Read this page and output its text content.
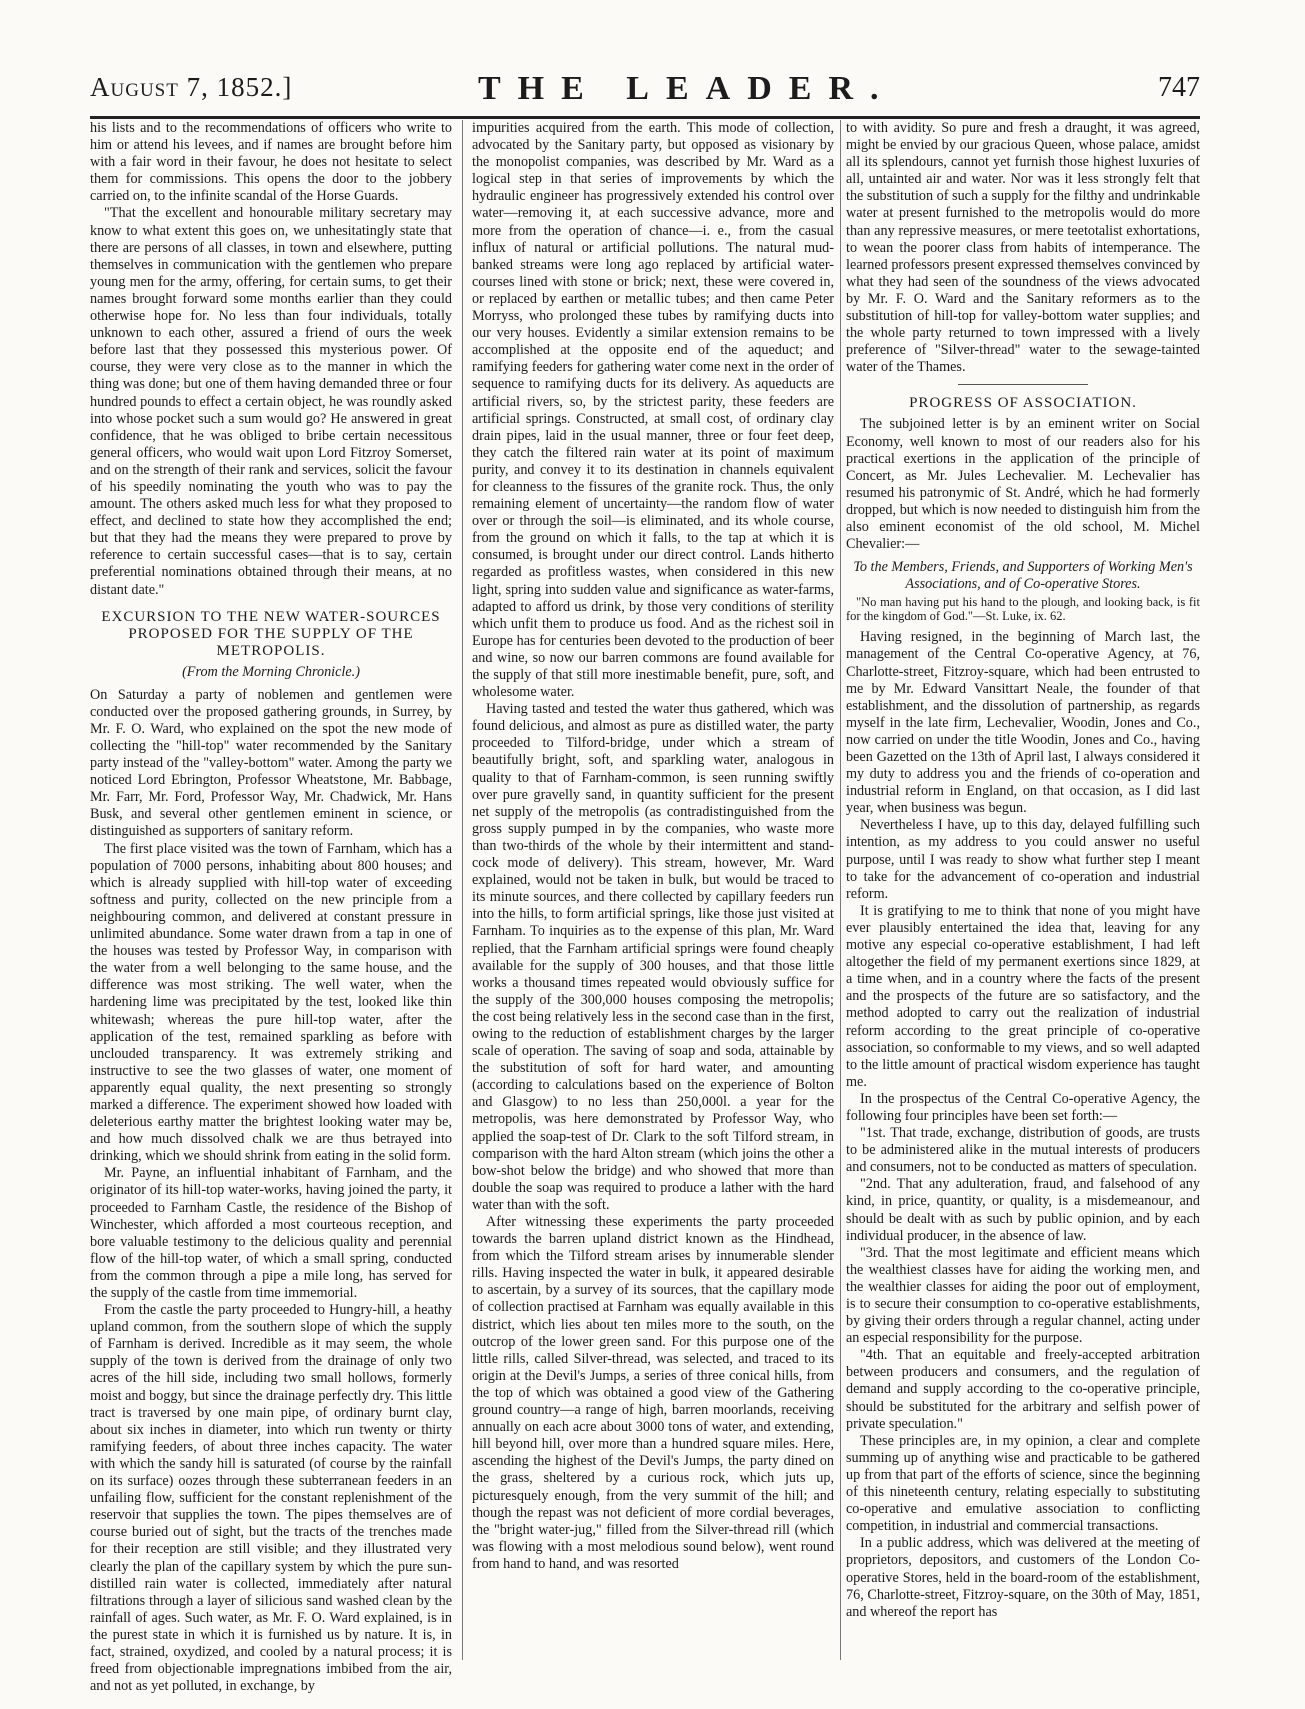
August 7, 1852.]	THE LEADER.	747

his lists and to the recommendations of officers who write to him or attend his levees, and if names are brought before him with a fair word in their favour, he does not hesitate to select them for commissions. This opens the door to the jobbery carried on, to the infinite scandal of the Horse Guards.

"That the excellent and honourable military secretary may know to what extent this goes on, we unhesitatingly state that there are persons of all classes, in town and elsewhere, putting themselves in communication with the gentlemen who prepare young men for the army, offering, for certain sums, to get their names brought forward some months earlier than they could otherwise hope for. No less than four individuals, totally unknown to each other, assured a friend of ours the week before last that they possessed this mysterious power. Of course, they were very close as to the manner in which the thing was done; but one of them having demanded three or four hundred pounds to effect a certain object, he was roundly asked into whose pocket such a sum would go? He answered in great confidence, that he was obliged to bribe certain necessitous general officers, who would wait upon Lord Fitzroy Somerset, and on the strength of their rank and services, solicit the favour of his speedily nominating the youth who was to pay the amount. The others asked much less for what they proposed to effect, and declined to state how they accomplished the end; but that they had the means they were prepared to prove by reference to certain successful cases—that is to say, certain preferential nominations obtained through their means, at no distant date."

EXCURSION TO THE NEW WATER-SOURCES PROPOSED FOR THE SUPPLY OF THE METROPOLIS.
(From the Morning Chronicle.)

On Saturday a party of noblemen and gentlemen were conducted over the proposed gathering grounds, in Surrey, by Mr. F. O. Ward, who explained on the spot the new mode of collecting the "hill-top" water recommended by the Sanitary party instead of the "valley-bottom" water. Among the party we noticed Lord Ebrington, Professor Wheatstone, Mr. Babbage, Mr. Farr, Mr. Ford, Professor Way, Mr. Chadwick, Mr. Hans Busk, and several other gentlemen eminent in science, or distinguished as supporters of sanitary reform.

The first place visited was the town of Farnham, which has a population of 7000 persons, inhabiting about 800 houses; and which is already supplied with hill-top water of exceeding softness and purity, collected on the new principle from a neighbouring common, and delivered at constant pressure in unlimited abundance. Some water drawn from a tap in one of the houses was tested by Professor Way, in comparison with the water from a well belonging to the same house, and the difference was most striking. The well water, when the hardening lime was precipitated by the test, looked like thin whitewash; whereas the pure hill-top water, after the application of the test, remained sparkling as before with unclouded transparency. It was extremely striking and instructive to see the two glasses of water, one moment of apparently equal quality, the next presenting so strongly marked a difference. The experiment showed how loaded with deleterious earthy matter the brightest looking water may be, and how much dissolved chalk we are thus betrayed into drinking, which we should shrink from eating in the solid form.

Mr. Payne, an influential inhabitant of Farnham, and the originator of its hill-top water-works, having joined the party, it proceeded to Farnham Castle, the residence of the Bishop of Winchester, which afforded a most courteous reception, and bore valuable testimony to the delicious quality and perennial flow of the hill-top water, of which a small spring, conducted from the common through a pipe a mile long, has served for the supply of the castle from time immemorial.

From the castle the party proceeded to Hungry-hill, a heathy upland common, from the southern slope of which the supply of Farnham is derived. Incredible as it may seem, the whole supply of the town is derived from the drainage of only two acres of the hill side, including two small hollows, formerly moist and boggy, but since the drainage perfectly dry. This little tract is traversed by one main pipe, of ordinary burnt clay, about six inches in diameter, into which run twenty or thirty ramifying feeders, of about three inches capacity. The water with which the sandy hill is saturated (of course by the rainfall on its surface) oozes through these subterranean feeders in an unfailing flow, sufficient for the constant replenishment of the reservoir that supplies the town. The pipes themselves are of course buried out of sight, but the tracts of the trenches made for their reception are still visible; and they illustrated very clearly the plan of the capillary system by which the pure sun-distilled rain water is collected, immediately after natural filtrations through a layer of silicious sand washed clean by the rainfall of ages. Such water, as Mr. F. O. Ward explained, is in the purest state in which it is furnished us by nature. It is, in fact, strained, oxydized, and cooled by a natural process; it is freed from objectionable impregnations imbibed from the air, and not as yet polluted, in exchange, by

impurities acquired from the earth. This mode of collection, advocated by the Sanitary party, but opposed as visionary by the monopolist companies, was described by Mr. Ward as a logical step in that series of improvements by which the hydraulic engineer has progressively extended his control over water—removing it, at each successive advance, more and more from the operation of chance—i. e., from the casual influx of natural or artificial pollutions. The natural mud-banked streams were long ago replaced by artificial water-courses lined with stone or brick; next, these were covered in, or replaced by earthen or metallic tubes; and then came Peter Morryss, who prolonged these tubes by ramifying ducts into our very houses. Evidently a similar extension remains to be accomplished at the opposite end of the aqueduct; and ramifying feeders for gathering water come next in the order of sequence to ramifying ducts for its delivery. As aqueducts are artificial rivers, so, by the strictest parity, these feeders are artificial springs. Constructed, at small cost, of ordinary clay drain pipes, laid in the usual manner, three or four feet deep, they catch the filtered rain water at its point of maximum purity, and convey it to its destination in channels equivalent for cleanness to the fissures of the granite rock. Thus, the only remaining element of uncertainty—the random flow of water over or through the soil—is eliminated, and its whole course, from the ground on which it falls, to the tap at which it is consumed, is brought under our direct control. Lands hitherto regarded as profitless wastes, when considered in this new light, spring into sudden value and significance as water-farms, adapted to afford us drink, by those very conditions of sterility which unfit them to produce us food. And as the richest soil in Europe has for centuries been devoted to the production of beer and wine, so now our barren commons are found available for the supply of that still more inestimable benefit, pure, soft, and wholesome water.

Having tasted and tested the water thus gathered, which was found delicious, and almost as pure as distilled water, the party proceeded to Tilford-bridge, under which a stream of beautifully bright, soft, and sparkling water, analogous in quality to that of Farnham-common, is seen running swiftly over pure gravelly sand, in quantity sufficient for the present net supply of the metropolis (as contradistinguished from the gross supply pumped in by the companies, who waste more than two-thirds of the whole by their intermittent and stand-cock mode of delivery). This stream, however, Mr. Ward explained, would not be taken in bulk, but would be traced to its minute sources, and there collected by capillary feeders run into the hills, to form artificial springs, like those just visited at Farnham. To inquiries as to the expense of this plan, Mr. Ward replied, that the Farnham artificial springs were found cheaply available for the supply of 300 houses, and that those little works a thousand times repeated would obviously suffice for the supply of the 300,000 houses composing the metropolis; the cost being relatively less in the second case than in the first, owing to the reduction of establishment charges by the larger scale of operation. The saving of soap and soda, attainable by the substitution of soft for hard water, and amounting (according to calculations based on the experience of Bolton and Glasgow) to no less than 250,000l. a year for the metropolis, was here demonstrated by Professor Way, who applied the soap-test of Dr. Clark to the soft Tilford stream, in comparison with the hard Alton stream (which joins the other a bow-shot below the bridge) and who showed that more than double the soap was required to produce a lather with the hard water than with the soft.

After witnessing these experiments the party proceeded towards the barren upland district known as the Hindhead, from which the Tilford stream arises by innumerable slender rills. Having inspected the water in bulk, it appeared desirable to ascertain, by a survey of its sources, that the capillary mode of collection practised at Farnham was equally available in this district, which lies about ten miles more to the south, on the outcrop of the lower green sand. For this purpose one of the little rills, called Silver-thread, was selected, and traced to its origin at the Devil's Jumps, a series of three conical hills, from the top of which was obtained a good view of the Gathering ground country—a range of high, barren moorlands, receiving annually on each acre about 3000 tons of water, and extending, hill beyond hill, over more than a hundred square miles. Here, ascending the highest of the Devil's Jumps, the party dined on the grass, sheltered by a curious rock, which juts up, picturesquely enough, from the very summit of the hill; and though the repast was not deficient of more cordial beverages, the "bright water-jug," filled from the Silver-thread rill (which was flowing with a most melodious sound below), went round from hand to hand, and was resorted

to with avidity. So pure and fresh a draught, it was agreed, might be envied by our gracious Queen, whose palace, amidst all its splendours, cannot yet furnish those highest luxuries of all, untainted air and water. Nor was it less strongly felt that the substitution of such a supply for the filthy and undrinkable water at present furnished to the metropolis would do more than any repressive measures, or mere teetotalist exhortations, to wean the poorer class from habits of intemperance. The learned professors present expressed themselves convinced by what they had seen of the soundness of the views advocated by Mr. F. O. Ward and the Sanitary reformers as to the substitution of hill-top for valley-bottom water supplies; and the whole party returned to town impressed with a lively preference of "Silver-thread" water to the sewage-tainted water of the Thames.

PROGRESS OF ASSOCIATION.

The subjoined letter is by an eminent writer on Social Economy, well known to most of our readers also for his practical exertions in the application of the principle of Concert, as Mr. Jules Lechevalier. M. Lechevalier has resumed his patronymic of St. André, which he had formerly dropped, but which is now needed to distinguish him from the also eminent economist of the old school, M. Michel Chevalier:—

To the Members, Friends, and Supporters of Working Men's Associations, and of Co-operative Stores.

"No man having put his hand to the plough, and looking back, is fit for the kingdom of God."—St. Luke, ix. 62.

Having resigned, in the beginning of March last, the management of the Central Co-operative Agency, at 76, Charlotte-street, Fitzroy-square, which had been entrusted to me by Mr. Edward Vansittart Neale, the founder of that establishment, and the dissolution of partnership, as regards myself in the late firm, Lechevalier, Woodin, Jones and Co., now carried on under the title Woodin, Jones and Co., having been Gazetted on the 13th of April last, I always considered it my duty to address you and the friends of co-operation and industrial reform in England, on that occasion, as I did last year, when business was begun.

Nevertheless I have, up to this day, delayed fulfilling such intention, as my address to you could answer no useful purpose, until I was ready to show what further step I meant to take for the advancement of co-operation and industrial reform.

It is gratifying to me to think that none of you might have ever plausibly entertained the idea that, leaving for any motive any especial co-operative establishment, I had left altogether the field of my permanent exertions since 1829, at a time when, and in a country where the facts of the present and the prospects of the future are so satisfactory, and the method adopted to carry out the realization of industrial reform according to the great principle of co-operative association, so conformable to my views, and so well adapted to the little amount of practical wisdom experience has taught me.

In the prospectus of the Central Co-operative Agency, the following four principles have been set forth:—

"1st. That trade, exchange, distribution of goods, are trusts to be administered alike in the mutual interests of producers and consumers, not to be conducted as matters of speculation.

"2nd. That any adulteration, fraud, and falsehood of any kind, in price, quantity, or quality, is a misdemeanour, and should be dealt with as such by public opinion, and by each individual producer, in the absence of law.

"3rd. That the most legitimate and efficient means which the wealthiest classes have for aiding the working men, and the wealthier classes for aiding the poor out of employment, is to secure their consumption to co-operative establishments, by giving their orders through a regular channel, acting under an especial responsibility for the purpose.

"4th. That an equitable and freely-accepted arbitration between producers and consumers, and the regulation of demand and supply according to the co-operative principle, should be substituted for the arbitrary and selfish power of private speculation."

These principles are, in my opinion, a clear and complete summing up of anything wise and practicable to be gathered up from that part of the efforts of science, since the beginning of this nineteenth century, relating especially to substituting co-operative and emulative association to conflicting competition, in industrial and commercial transactions.

In a public address, which was delivered at the meeting of proprietors, depositors, and customers of the London Co-operative Stores, held in the board-room of the establishment, 76, Charlotte-street, Fitzroy-square, on the 30th of May, 1851, and whereof the report has
